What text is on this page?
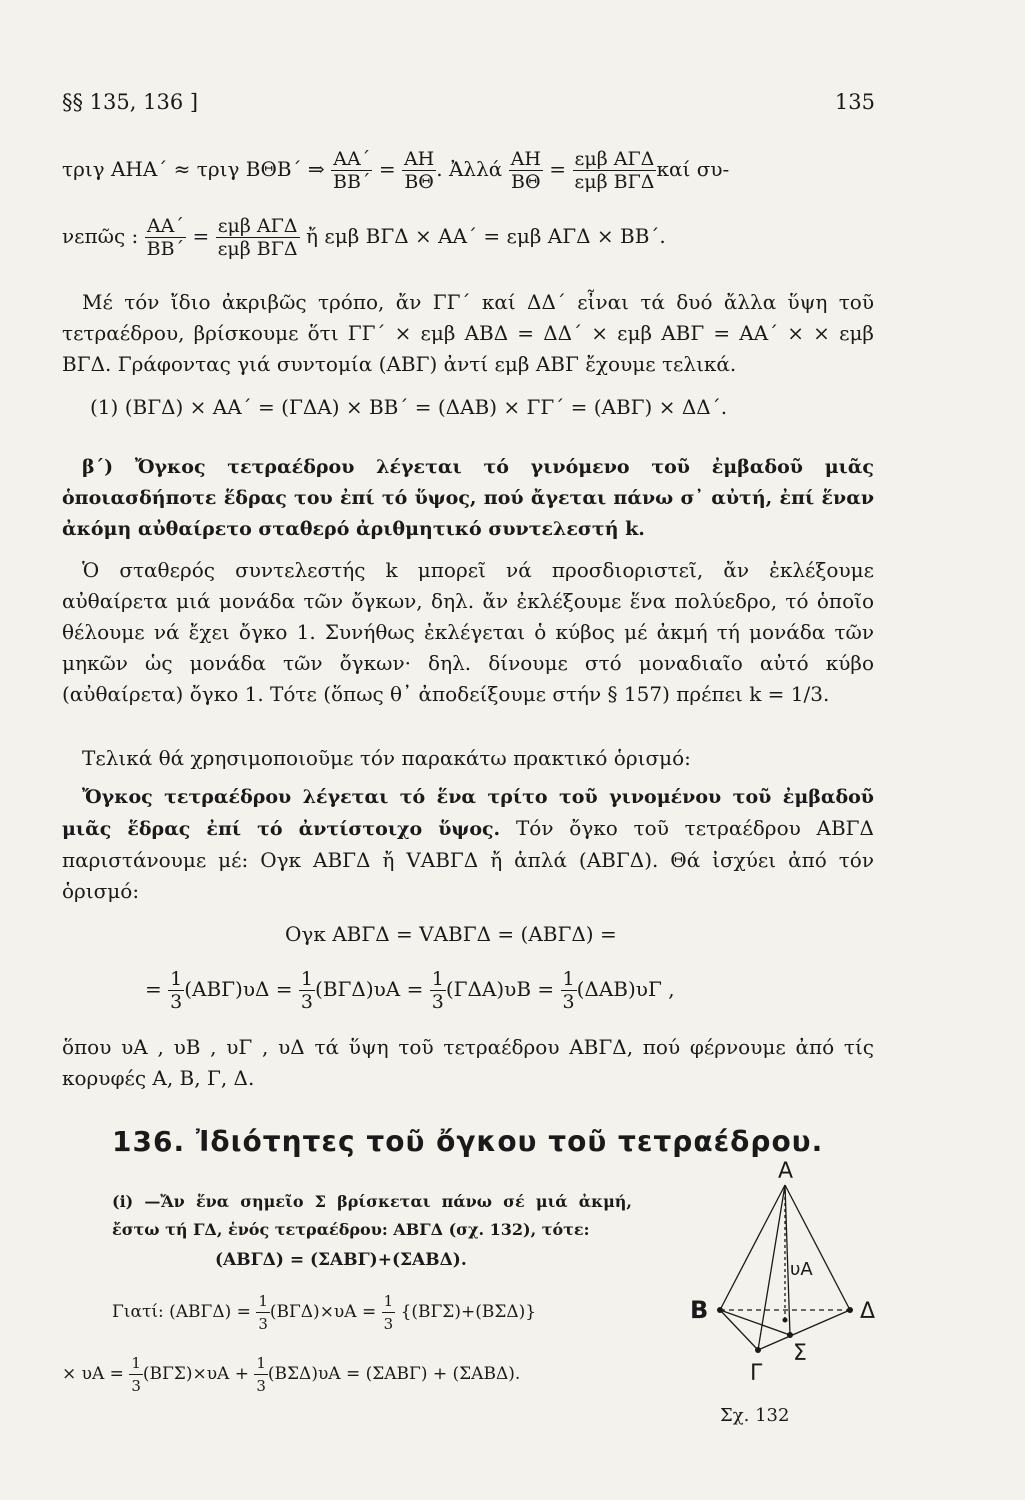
§§ 135, 136 ]	135
τριγ ΑΗΑ΄ ≈ τριγ ΒΘΒ΄ ⇒ $\frac{AA΄}{BB΄} = \frac{AH}{B\Theta}$ . Ἀλλά $\frac{AH}{B\Theta} = \frac{\text{εμβ ΑΓΔ}}{\text{εμβ ΒΓΔ}}$ καί συ-
νεπῶς : $\frac{AA΄}{BB΄} = \frac{\text{εμβ ΑΓΔ}}{\text{εμβ ΒΓΔ}}$ ἤ εμβ ΒΓΔ × ΑΑ΄ = εμβ ΑΓΔ × ΒΒ΄.
Μέ τόν ἴδιο ἀκριβῶς τρόπο, ἄν ΓΓ΄ καί ΔΔ΄ εἶναι τά δυό ἄλλα ὕψη τοῦ τετραέδρου, βρίσκουμε ὅτι ΓΓ΄ × εμβ ΑΒΔ = ΔΔ΄ × εμβ ΑΒΓ = ΑΑ΄ × × εμβ ΒΓΔ. Γράφοντας γιά συντομία (ΑΒΓ) ἀντί εμβ ΑΒΓ ἔχουμε τελικά.
(1) (ΒΓΔ) × ΑΑ΄ = (ΓΔΑ) × ΒΒ΄ = (ΔΑΒ) × ΓΓ΄ = (ΑΒΓ) × ΔΔ΄.
β΄) Ὄγκος τετραέδρου λέγεται τό γινόμενο τοῦ ἐμβαδοῦ μιᾶς ὁποιασδήποτε ἕδρας του ἐπί τό ὕψος, πού ἄγεται πάνω σ᾿ αὐτή, ἐπί ἕναν ἀκόμη αὐθαίρετο σταθερό ἀριθμητικό συντελεστή k.
Ὁ σταθερός συντελεστής k μπορεῖ νά προσδιοριστεῖ, ἄν ἐκλέξουμε αὐθαίρετα μιά μονάδα τῶν ὄγκων, δηλ. ἄν ἐκλέξουμε ἕνα πολύεδρο, τό ὁποῖο θέλουμε νά ἔχει ὄγκο 1. Συνήθως ἐκλέγεται ὁ κύβος μέ ἀκμή τή μονάδα τῶν μηκῶν ὡς μονάδα τῶν ὄγκων· δηλ. δίνουμε στό μοναδιαῖο αὐτό κύβο (αὐθαίρετα) ὄγκο 1. Τότε (ὅπως θ᾿ ἀποδείξουμε στήν § 157) πρέπει k = 1/3.
Τελικά θά χρησιμοποιοῦμε τόν παρακάτω πρακτικό ὁρισμό:
Ὄγκος τετραέδρου λέγεται τό ἕνα τρίτο τοῦ γινομένου τοῦ ἐμβαδοῦ μιᾶς ἕδρας ἐπί τό ἀντίστοιχο ὕψος. Τόν ὄγκο τοῦ τετραέδρου ΑΒΓΔ παριστάνουμε μέ: Ογκ ΑΒΓΔ ἤ VΑΒΓΔ ἤ ἁπλά (ΑΒΓΔ). Θά ἰσχύει ἀπό τόν ὁρισμό:
Ογκ ΑΒΓΔ = VΑΒΓΔ = (ΑΒΓΔ) =
= $\frac{1}{3} (AB\Gamma)\upsilon\Delta = \frac{1}{3} (B\Gamma\Delta)\upsilon A = \frac{1}{3} (\Gamma\Delta A)\upsilon B = \frac{1}{3} (\Delta AB)\upsilon\Gamma$ ,
ὅπου υΑ , υΒ , υΓ , υΔ τά ὕψη τοῦ τετραέδρου ΑΒΓΔ, πού φέρνουμε ἀπό τίς κορυφές Α, Β, Γ, Δ.
136. Ἰδιότητες τοῦ ὄγκου τοῦ τετραέδρου.
(i) —Ἄν ἕνα σημεῖο Σ βρίσκεται πάνω σέ μιά ἀκμή, ἔστω τή ΓΔ, ἑνός τετραέδρου: ΑΒΓΔ (σχ. 132), τότε:
(ΑΒΓΔ) = (ΣΑΒΓ)+(ΣΑΒΔ).
Γιατί: $(AB\Gamma\Delta) = \frac{1}{3} (B\Gamma\Delta)\times\upsilon A = \frac{1}{3} \{(B\Gamma\Sigma)+(B\Sigma\Delta)\}$
× $\upsilon A = \frac{1}{3} (B\Gamma\Sigma)\times\upsilon A + \frac{1}{3} (B\Sigma\Delta)\upsilon A = (\Sigma AB\Gamma) + (\Sigma AB\Delta)$.
Α
Β
Γ
Δ
Σ
υΑ
Σχ. 132
